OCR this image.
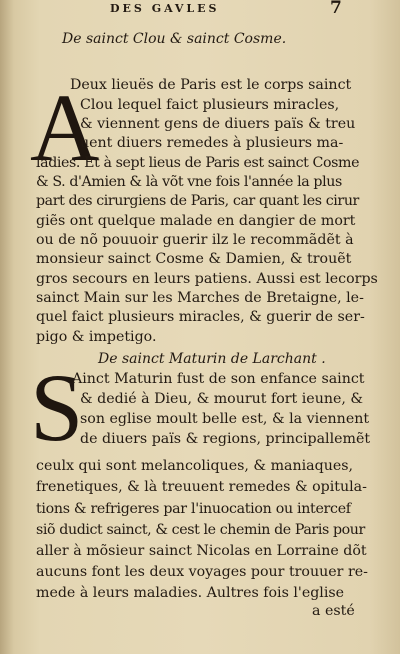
DES GAVLES	7
De sainct Clou & sainct Cosme.
A
Deux lieuës de Paris est le corps sainct
Clou lequel faict plusieurs miracles,
& viennent gens de diuers païs & treu
uent diuers remedes à plusieurs ma-
ladies. Et à sept lieus de Paris est sainct Cosme
& S. d'Amien & là võt vne fois l'année la plus
part des cirurgiens de Paris, car quant les cirur
giẽs ont quelque malade en dangier de mort
ou de nõ pouuoir guerir ilz le recommãdẽt à
monsieur sainct Cosme & Damien, & trouẽt
gros secours en leurs patiens. Aussi est lecorps
sainct Main sur les Marches de Bretaigne, le-
quel faict plusieurs miracles, & guerir de ser-
pigo & impetigo.
De sainct Maturin de Larchant .
S
Ainct Maturin fust de son enfance sainct
& dedié à Dieu, & mourut fort ieune, &
son eglise moult belle est, & la viennent
de diuers païs & regions, principallemẽt
ceulx qui sont melancoliques, & maniaques,
frenetiques, & là treuuent remedes & opitula-
tions & refrigeres par l'inuocation ou intercef
siõ dudict sainct, & cest le chemin de Paris pour
aller à mõsieur sainct Nicolas en Lorraine dõt
aucuns font les deux voyages pour trouuer re-
mede à leurs maladies. Aultres fois l'eglise
a esté
